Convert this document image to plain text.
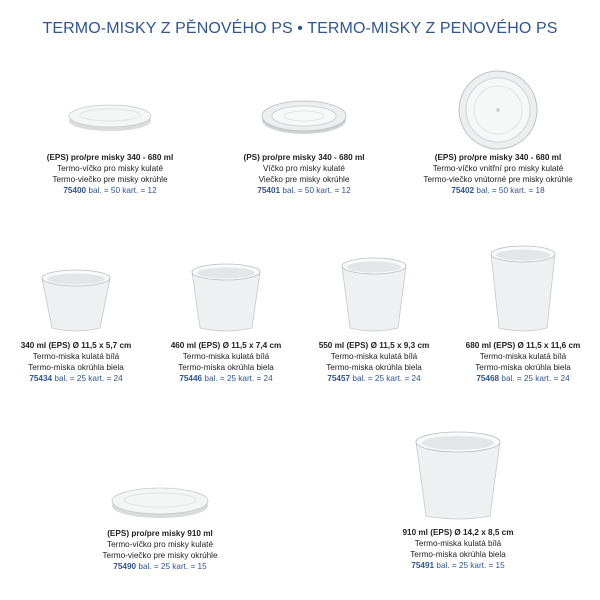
TERMO-MISKY Z PĚNOVÉHO PS • TERMO-MISKY Z PENOVÉHO PS
(EPS) pro/pre misky 340 - 680 ml
Termo-víčko pro misky kulaté
Termo-viečko pre misky okrúhle
75400 bal. = 50 kart. = 12
(PS) pro/pre misky 340 - 680 ml
Víčko pro misky kulaté
Viečko pre misky okrúhle
75401 bal. = 50 kart. = 12
(EPS) pro/pre misky 340 - 680 ml
Termo-víčko vnitřní pro misky kulaté
Termo-viečko vnútorné pre misky okrúhle
75402 bal. = 50 kart. = 18
340 ml (EPS) Ø 11,5 x 5,7 cm
Termo-miska kulatá bílá
Termo-miska okrúhla biela
75434 bal. = 25 kart. = 24
460 ml (EPS) Ø 11,5 x 7,4 cm
Termo-miska kulatá bílá
Termo-miska okrúhla biela
75446 bal. = 25 kart. = 24
550 ml (EPS) Ø 11,5 x 9,3 cm
Termo-miska kulatá bílá
Termo-miska okrúhla biela
75457 bal. = 25 kart. = 24
680 ml (EPS) Ø 11,5 x 11,6 cm
Termo-miska kulatá bílá
Termo-miska okrúhla biela
75468 bal. = 25 kart. = 24
(EPS) pro/pre misky 910 ml
Termo-víčko pro misky kulaté
Termo-viečko pre misky okrúhle
75490 bal. = 25 kart. = 15
910 ml (EPS) Ø 14,2 x 8,5 cm
Termo-miska kulatá bílá
Termo-miska okrúhla biela
75491 bal. = 25 kart. = 15
